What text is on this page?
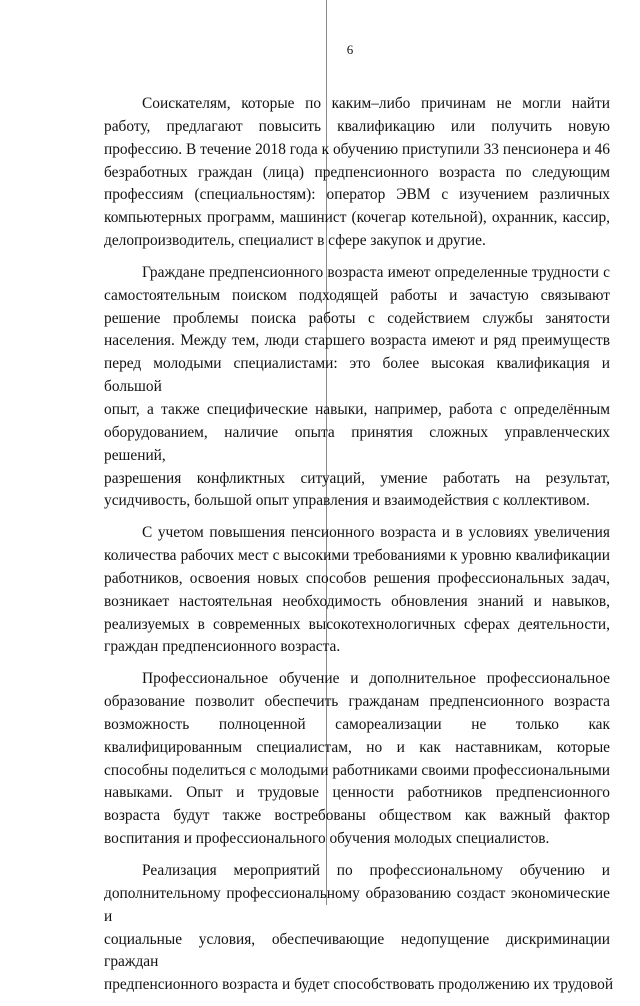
6
Соискателям, которые по каким–либо причинам не могли найти
работу, предлагают повысить квалификацию или получить новую
профессию. В течение 2018 года к обучению приступили 33 пенсионера и 46
безработных граждан (лица) предпенсионного возраста по следующим
профессиям (специальностям): оператор ЭВМ с изучением различных
компьютерных программ, машинист (кочегар котельной), охранник, кассир,
делопроизводитель, специалист в сфере закупок и другие.
Граждане предпенсионного возраста имеют определенные трудности с
самостоятельным поиском подходящей работы и зачастую связывают
решение проблемы поиска работы с содействием службы занятости
населения. Между тем, люди старшего возраста имеют и ряд преимуществ
перед молодыми специалистами: это более высокая квалификация и большой
опыт, а также специфические навыки, например, работа с определённым
оборудованием, наличие опыта принятия сложных управленческих решений,
разрешения конфликтных ситуаций, умение работать на результат,
усидчивость, большой опыт управления и взаимодействия с коллективом.
С учетом повышения пенсионного возраста и в условиях увеличения
количества рабочих мест с высокими требованиями к уровню квалификации
работников, освоения новых способов решения профессиональных задач,
возникает настоятельная необходимость обновления знаний и навыков,
реализуемых в современных высокотехнологичных сферах деятельности,
граждан предпенсионного возраста.
Профессиональное обучение и дополнительное профессиональное
образование позволит обеспечить гражданам предпенсионного возраста
возможность полноценной самореализации не только как
квалифицированным специалистам, но и как наставникам, которые
способны поделиться с молодыми работниками своими профессиональными
навыками. Опыт и трудовые ценности работников предпенсионного
возраста будут также востребованы обществом как важный фактор
воспитания и профессионального обучения молодых специалистов.
Реализация мероприятий по профессиональному обучению и
дополнительному профессиональному образованию создаст экономические и
социальные условия, обеспечивающие недопущение дискриминации граждан
предпенсионного возраста и будет способствовать продолжению их трудовой
